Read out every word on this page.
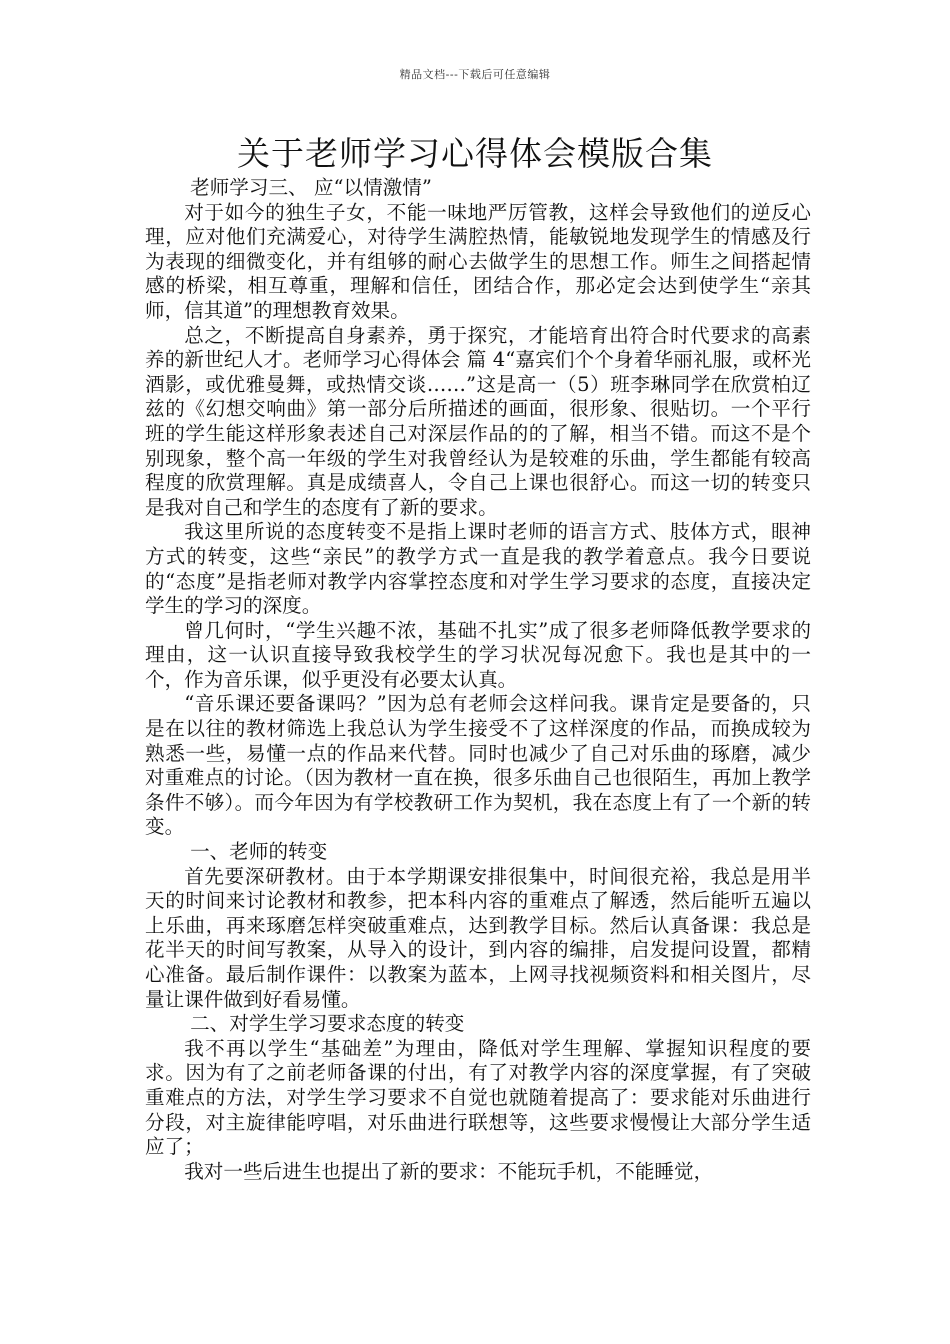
精品文档---下载后可任意编辑
关于老师学习心得体会模版合集

老师学习三、 应“以情激情”

对于如今的独生子女，不能一味地严厉管教，这样会导致他们的逆反心理，应对他们充满爱心，对待学生满腔热情，能敏锐地发现学生的情感及行为表现的细微变化，并有组够的耐心去做学生的思想工作。师生之间搭起情感的桥梁，相互尊重，理解和信任，团结合作，那必定会达到使学生“亲其师，信其道”的理想教育效果。

总之，不断提高自身素养，勇于探究，才能培育出符合时代要求的高素养的新世纪人才。老师学习心得体会 篇 4“嘉宾们个个身着华丽礼服，或杯光酒影，或优雅曼舞，或热情交谈……”这是高一（5）班李琳同学在欣赏柏辽兹的《幻想交响曲》第一部分后所描述的画面，很形象、很贴切。一个平行班的学生能这样形象表述自己对深层作品的的了解，相当不错。而这不是个别现象，整个高一年级的学生对我曾经认为是较难的乐曲，学生都能有较高程度的欣赏理解。真是成绩喜人，令自己上课也很舒心。而这一切的转变只是我对自己和学生的态度有了新的要求。

我这里所说的态度转变不是指上课时老师的语言方式、肢体方式，眼神方式的转变，这些“亲民”的教学方式一直是我的教学着意点。我今日要说的“态度”是指老师对教学内容掌控态度和对学生学习要求的态度，直接决定学生的学习的深度。

曾几何时，“学生兴趣不浓，基础不扎实”成了很多老师降低教学要求的理由，这一认识直接导致我校学生的学习状况每况愈下。我也是其中的一个，作为音乐课，似乎更没有必要太认真。

“音乐课还要备课吗？”因为总有老师会这样问我。课肯定是要备的，只是在以往的教材筛选上我总认为学生接受不了这样深度的作品，而换成较为熟悉一些，易懂一点的作品来代替。同时也减少了自己对乐曲的琢磨，减少对重难点的讨论。（因为教材一直在换，很多乐曲自己也很陌生，再加上教学条件不够）。而今年因为有学校教研工作为契机，我在态度上有了一个新的转变。

一、老师的转变

首先要深研教材。由于本学期课安排很集中，时间很充裕，我总是用半天的时间来讨论教材和教参，把本科内容的重难点了解透，然后能听五遍以上乐曲，再来琢磨怎样突破重难点，达到教学目标。然后认真备课：我总是花半天的时间写教案，从导入的设计，到内容的编排，启发提问设置，都精心准备。最后制作课件：以教案为蓝本，上网寻找视频资料和相关图片，尽量让课件做到好看易懂。

二、对学生学习要求态度的转变

我不再以学生“基础差”为理由，降低对学生理解、掌握知识程度的要求。因为有了之前老师备课的付出，有了对教学内容的深度掌握，有了突破重难点的方法，对学生学习要求不自觉也就随着提高了：要求能对乐曲进行分段，对主旋律能哼唱，对乐曲进行联想等，这些要求慢慢让大部分学生适应了；

我对一些后进生也提出了新的要求：不能玩手机，不能睡觉，
